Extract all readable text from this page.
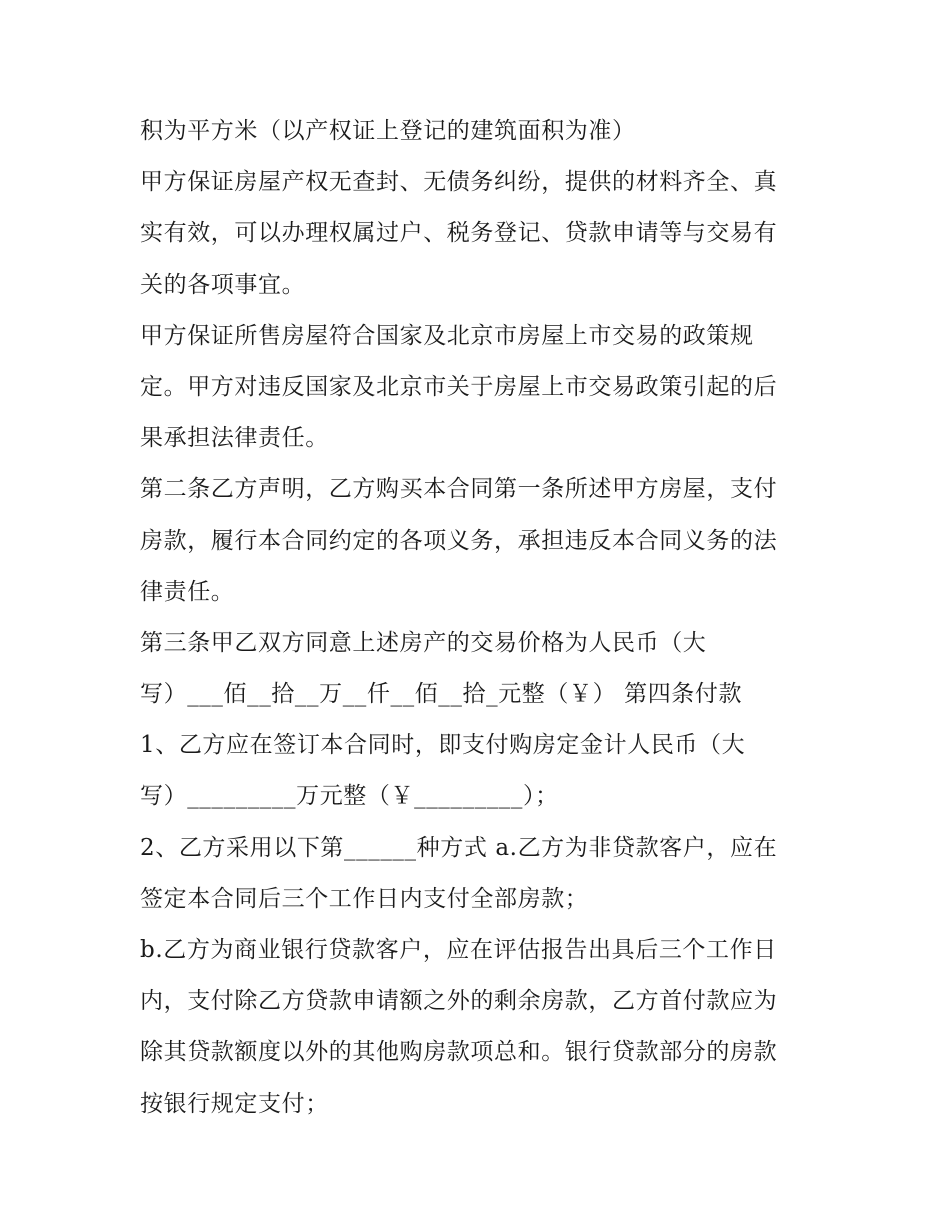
积为平方米（以产权证上登记的建筑面积为准）
甲方保证房屋产权无查封、无债务纠纷，提供的材料齐全、真
实有效，可以办理权属过户、税务登记、贷款申请等与交易有
关的各项事宜。
甲方保证所售房屋符合国家及北京市房屋上市交易的政策规
定。甲方对违反国家及北京市关于房屋上市交易政策引起的后
果承担法律责任。
第二条乙方声明，乙方购买本合同第一条所述甲方房屋，支付
房款，履行本合同约定的各项义务，承担违反本合同义务的法
律责任。
第三条甲乙双方同意上述房产的交易价格为人民币（大
写）___佰__拾__万__仟__佰__拾_元整（￥） 第四条付款
1、乙方应在签订本合同时，即支付购房定金计人民币（大
写）_________万元整（￥_________）；
2、乙方采用以下第______种方式 a.乙方为非贷款客户，应在
签定本合同后三个工作日内支付全部房款；
b.乙方为商业银行贷款客户，应在评估报告出具后三个工作日
内，支付除乙方贷款申请额之外的剩余房款，乙方首付款应为
除其贷款额度以外的其他购房款项总和。银行贷款部分的房款
按银行规定支付；
